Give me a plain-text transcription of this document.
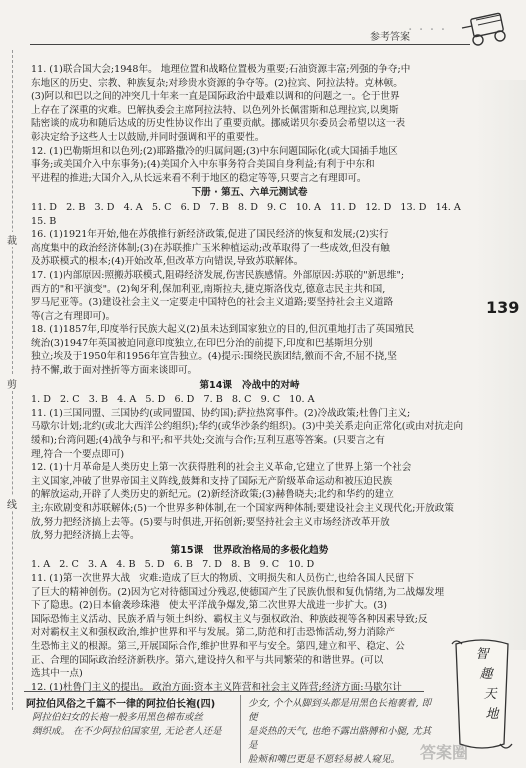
参考答案
· · · ·
裁
剪
线
139

11. (1)联合国大会;1948年。 地理位置和战略位置极为重要;石油资源丰富;列强的争夺;中

东地区的历史、宗教、种族复杂;对珍贵水资源的争夺等。(2)拉宾、阿拉法特。克林顿。

(3)阿以和巴以之间的冲突几十年来一直是国际政治中最难以调和的问题之一。仑于世界

上存在了深重的灾难。巴解执委会主席阿拉法特、以色列外长佩雷斯和总理拉宾,以奥斯

陆密谈的成功和随后达成的历史性协议作出了重要贡献。挪威诺贝尔委员会希望以这一表

彰决定给予这些人士以鼓励,并同时强调和平的重要性。

12. (1)巴勒斯坦和以色列;(2)耶路撒冷的归属问题;(3)中东问题国际化(或大国插手地区

事务;或美国介入中东事务);(4)美国介入中东事务符合美国自身利益;有利于中东和

平进程的推进;大国介入,从长远来看不利于地区的稳定等等,只要言之有理即可。

下册 · 第五、六单元测试卷

11. D   2. B   3. D   4. A   5. C   6. D   7. B   8. D   9. C   10. A   11. D   12. D   13. D   14. A

15. B

16. (1)1921年开始,他在苏俄推行新经济政策,促进了国民经济的恢复和发展;(2)实行

高度集中的政治经济体制;(3)在苏联推广玉米种植运动;改革取得了一些成效,但没有触

及苏联模式的根本;(4)开始改革,但改革方向错误,导致苏联解体。

17. (1)内部原因:照搬苏联模式,阻碍经济发展,伤害民族感情。外部原因:苏联的"新思维";

西方的"和平演变"。(2)匈牙利,保加利亚,南斯拉夫,捷克斯洛伐克,德意志民主共和国,

罗马尼亚等。(3)建设社会主义一定要走中国特色的社会主义道路;要坚持社会主义道路

等(言之有理即可)。

18. (1)1857年,印度举行民族大起义(2)虽未达到国家独立的目的,但沉重地打击了英国殖民

统治(3)1947年英国被迫同意印度独立,在印巴分治的前提下,印度和巴基斯坦分别

独立;埃及于1950年和1956年宣告独立。(4)提示:围绕民族团结,徼而不舍,不屈不挠,坚

持不懈,敢于面对挫折等方面来谈即可。

第14课   冷战中的对峙

1. D   2. C   3. B   4. A   5. D   6. D   7. B   8. C   9. C   10. A

11. (1)三国同盟、三国协约(或同盟国、协约国);萨拉热窝事件。(2)冷战政策;杜鲁门主义;

马歇尔计划;北约(或北大西洋公约组织);华约(或华沙条约组织)。(3)中美关系走向正常化(或由对抗走向

缓和);台湾问题;(4)战争与和平;和平共处;交流与合作;互利互惠等答案。(只要言之有

理,符合一个要点即可)

12. (1)十月革命是人类历史上第一次获得胜利的社会主义革命,它建立了世界上第一个社会

主义国家,冲破了世界帝国主义阵线,鼓舞和支持了国际无产阶级革命运动和被压迫民族

的解放运动,开辟了人类历史的新纪元。(2)新经济政策;(3)赫鲁晓夫;北约和华约的建立

主;东欧剧变和苏联解体;(5)一个世界多种体制,在一个国家两种体制;要建设社会主义现代化;开放政策

放,努力把经济搞上去等。(5)要与时俱进,开拓创新;要坚持社会主义市场经济改革开放

放,努力把经济搞上去等。

第15课   世界政治格局的多极化趋势

1. A   2. C   3. A   4. B   5. D   6. B   7. D   8. B   9. C   10. D

11. (1)第一次世界大战   灾难:造成了巨大的物质、文明损失和人员伤亡,也给各国人民留下

了巨大的精神创伤。(2)因为它对待德国过分残忍,使德国产生了民族仇恨和复仇情绪,为二战爆发埋

下了隐患。(2)日本偷袭珍珠港   使太平洋战争爆发,第二次世界大战进一步扩大。(3)

国际恐怖主义活动、民族矛盾与领土纠纷、霸权主义与强权政治、种族歧视等各种因素导致;反

对对霸权主义和强权政治,维护世界和平与发展。第二,防范和打击恐怖活动,努力消除产

生恐怖主义的根源。第三,开展国际合作,维护世界和平与安全。第四,建立和平、稳定、公

正、合理的国际政治经济新秩序。第六,建设持久和平与共同繁荣的和谐世界。(可以

选其中一点)

12. (1)杜鲁门主义的提出。 政治方面:资本主义阵营和社会主义阵营;经济方面:马歇尔计

阿拉伯风俗之千篇不一律的阿拉伯长袍(四)
阿拉伯妇女的长袍一般多用黑色棉布或丝
绸织成。 在不少阿拉伯国家里, 无论老人还是
少女, 个个从脚到头都是用黑色长袍裹着, 即便
是炎热的天气, 也绝不露出胳膊和小腿, 尤其是
脸颊和嘴巴更是不愿轻易被人窥见。
智
趣
天
地
答案圈
